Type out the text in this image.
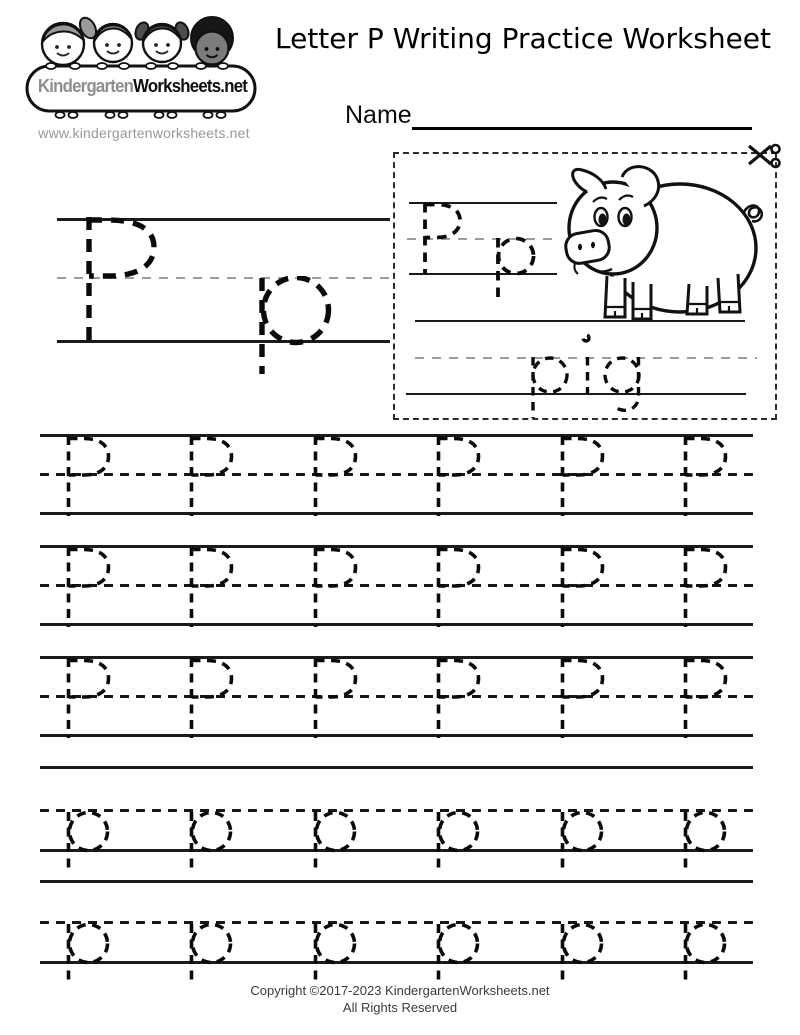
KindergartenWorksheets.net
www.kindergartenworksheets.net
Letter P Writing Practice Worksheet
Name
Copyright ©2017-2023 KindergartenWorksheets.net
All Rights Reserved
